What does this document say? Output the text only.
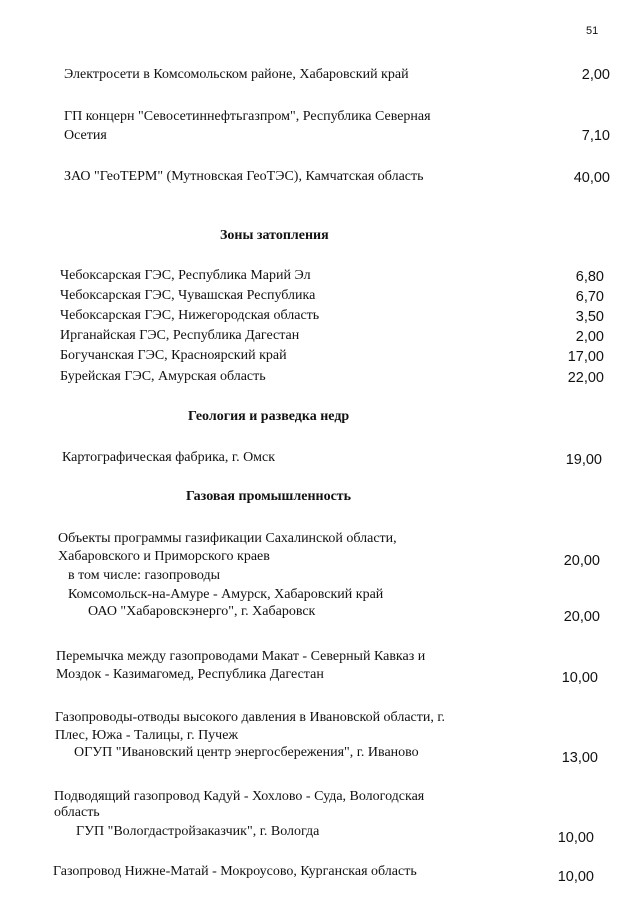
51
Электросети в Комсомольском районе, Хабаровский край	2,00
ГП концерн "Севосетиннефтьгазпром", Республика Северная
Осетия	7,10
ЗАО "ГеоТЕРМ" (Мутновская ГеоТЭС), Камчатская область	40,00
Зоны затопления
Чебоксарская ГЭС, Республика Марий Эл	6,80
Чебоксарская ГЭС, Чувашская Республика	6,70
Чебоксарская ГЭС, Нижегородская область	3,50
Ирганайская ГЭС, Республика Дагестан	2,00
Богучанская ГЭС, Красноярский край	17,00
Бурейская ГЭС, Амурская область	22,00
Геология и разведка недр
Картографическая фабрика, г. Омск	19,00
Газовая промышленность
Объекты программы газификации Сахалинской области,
Хабаровского и Приморского краев	20,00
в том числе: газопроводы
Комсомольск-на-Амуре - Амурск, Хабаровский край
ОАО "Хабаровскэнерго", г. Хабаровск	20,00
Перемычка между газопроводами Макат - Северный Кавказ и
Моздок - Казимагомед, Республика Дагестан	10,00
Газопроводы-отводы высокого давления в Ивановской области, г.
Плес, Южа - Талицы, г. Пучеж
ОГУП "Ивановский центр энергосбережения", г. Иваново	13,00
Подводящий газопровод Кадуй - Хохлово - Суда, Вологодская
область
ГУП "Вологдастройзаказчик", г. Вологда	10,00
Газопровод Нижне-Матай - Мокроусово, Курганская область	10,00
